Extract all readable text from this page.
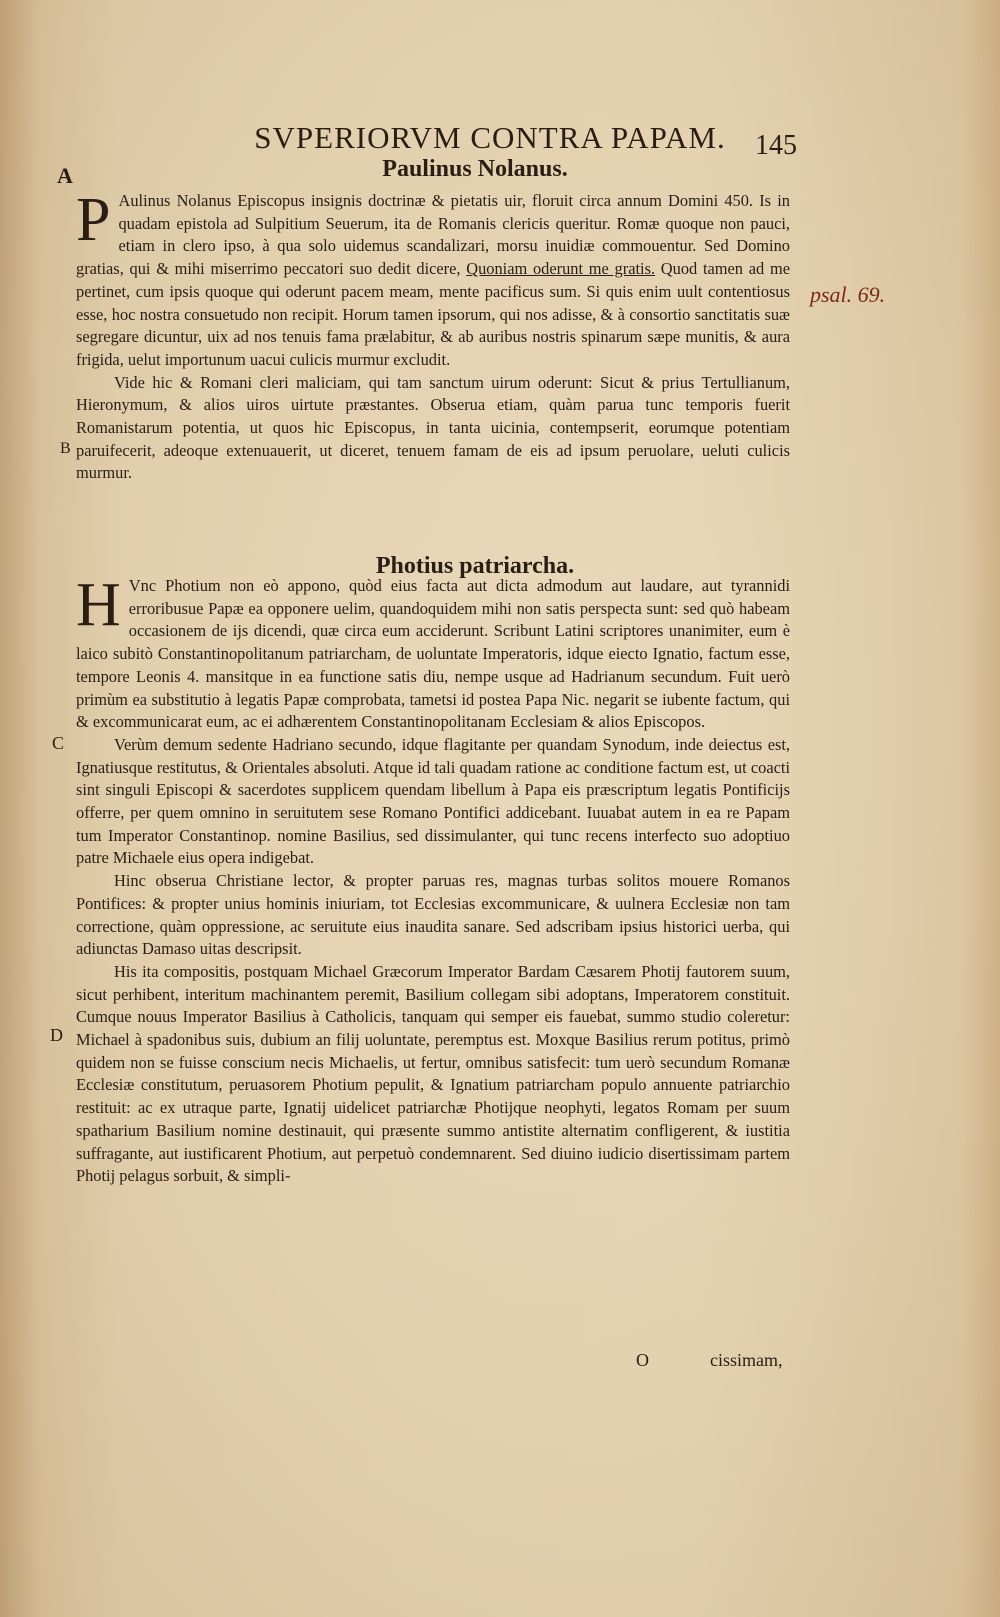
SVPERIORVM CONTRA PAPAM.	145
A
B
C
D
psal. 69.
Paulinus Nolanus.

P Aulinus Nolanus Episcopus insignis doctrinæ & pietatis uir, floruit circa annum Domini 450. Is in quadam epistola ad Sulpitium Seuerum, ita de Romanis clericis queritur. Romæ quoque non pauci, etiam in clero ipso, à qua solo uidemus scandalizari, morsu inuidiæ commouentur. Sed Domino gratias, qui & mihi miserrimo peccatori suo dedit dicere, Quoniam oderunt me gratis. Quod tamen ad me pertinet, cum ipsis quoque qui oderunt pacem meam, mente pacificus sum. Si quis enim uult contentiosus esse, hoc nostra consuetudo non recipit. Horum tamen ipsorum, qui nos adisse, & à consortio sanctitatis suæ segregare dicuntur, uix ad nos tenuis fama prælabitur, & ab auribus nostris spinarum sæpe munitis, & aura frigida, uelut importunum uacui culicis murmur excludit.

Vide hic & Romani cleri maliciam, qui tam sanctum uirum oderunt: Sicut & prius Tertullianum, Hieronymum, & alios uiros uirtute præstantes. Obserua etiam, quàm parua tunc temporis fuerit Romanistarum potentia, ut quos hic Episcopus, in tanta uicinia, contempserit, eorumque potentiam paruifecerit, adeoque extenuauerit, ut diceret, tenuem famam de eis ad ipsum peruolare, ueluti culicis murmur.

Photius patriarcha.

H Vnc Photium non eò appono, quòd eius facta aut dicta admodum aut laudare, aut tyrannidi erroribusue Papæ ea opponere uelim, quandoquidem mihi non satis perspecta sunt: sed quò habeam occasionem de ijs dicendi, quæ circa eum acciderunt. Scribunt Latini scriptores unanimiter, eum è laico subitò Constantinopolitanum patriarcham, de uoluntate Imperatoris, idque eiecto Ignatio, factum esse, tempore Leonis 4. mansitque in ea functione satis diu, nempe usque ad Hadrianum secundum. Fuit uerò primùm ea substitutio à legatis Papæ comprobata, tametsi id postea Papa Nic. negarit se iubente factum, qui & excommunicarat eum, ac ei adhærentem Constantinopolitanam Ecclesiam & alios Episcopos.

Verùm demum sedente Hadriano secundo, idque flagitante per quandam Synodum, inde deiectus est, Ignatiusque restitutus, & Orientales absoluti. Atque id tali quadam ratione ac conditione factum est, ut coacti sint singuli Episcopi & sacerdotes supplicem quendam libellum à Papa eis præscriptum legatis Pontificijs offerre, per quem omnino in seruitutem sese Romano Pontifici addicebant. Iuuabat autem in ea re Papam tum Imperator Constantinop. nomine Basilius, sed dissimulanter, qui tunc recens interfecto suo adoptiuo patre Michaele eius opera indigebat.

Hinc obserua Christiane lector, & propter paruas res, magnas turbas solitos mouere Romanos Pontifices: & propter unius hominis iniuriam, tot Ecclesias excommunicare, & uulnera Ecclesiæ non tam correctione, quàm oppressione, ac seruitute eius inaudita sanare. Sed adscribam ipsius historici uerba, qui adiunctas Damaso uitas descripsit.

His ita compositis, postquam Michael Græcorum Imperator Bardam Cæsarem Photij fautorem suum, sicut perhibent, interitum machinantem peremit, Basilium collegam sibi adoptans, Imperatorem constituit. Cumque nouus Imperator Basilius à Catholicis, tanquam qui semper eis fauebat, summo studio coleretur: Michael à spadonibus suis, dubium an filij uoluntate, peremptus est. Moxque Basilius rerum potitus, primò quidem non se fuisse conscium necis Michaelis, ut fertur, omnibus satisfecit: tum uerò secundum Romanæ Ecclesiæ constitutum, peruasorem Photium pepulit, & Ignatium patriarcham populo annuente patriarchio restituit: ac ex utraque parte, Ignatij uidelicet patriarchæ Photijque neophyti, legatos Romam per suum spatharium Basilium nomine destinauit, qui præsente summo antistite alternatim confligerent, & iustitia suffragante, aut iustificarent Photium, aut perpetuò condemnarent. Sed diuino iudicio disertissimam partem Photij pelagus sorbuit, & simpli-

O	cissimam,
